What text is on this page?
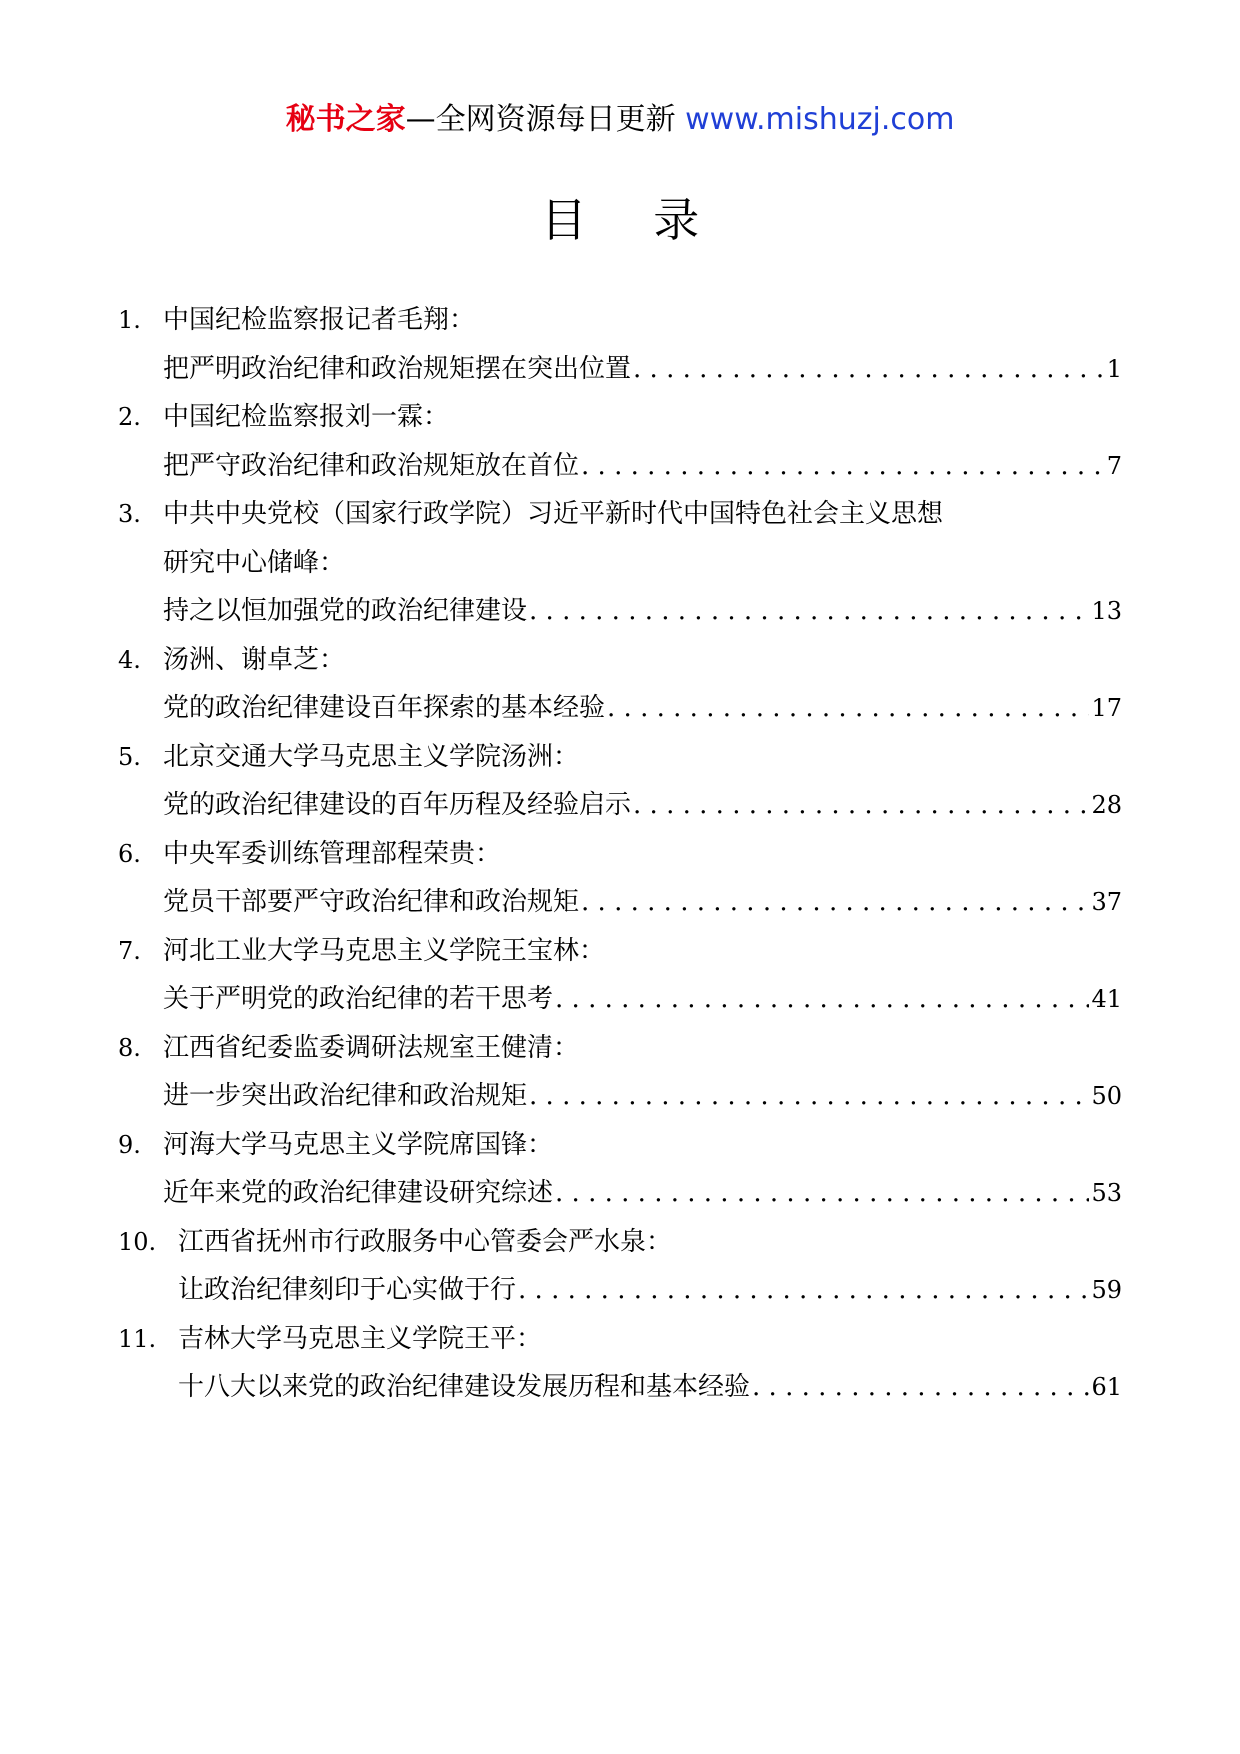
秘书之家—全网资源每日更新 www.mishuzj.com
目 录
1. 中国纪检监察报记者毛翔：
把严明政治纪律和政治规矩摆在突出位置 . . .	1
2. 中国纪检监察报刘一霖：
把严守政治纪律和政治规矩放在首位 . . .	7
3. 中共中央党校（国家行政学院）习近平新时代中国特色社会主义思想
研究中心储峰：
持之以恒加强党的政治纪律建设 . . .	13
4. 汤洲、谢卓芝：
党的政治纪律建设百年探索的基本经验 . . .	17
5. 北京交通大学马克思主义学院汤洲：
党的政治纪律建设的百年历程及经验启示 . . .	28
6. 中央军委训练管理部程荣贵：
党员干部要严守政治纪律和政治规矩 . . .	37
7. 河北工业大学马克思主义学院王宝林：
关于严明党的政治纪律的若干思考 . . .	41
8. 江西省纪委监委调研法规室王健清：
进一步突出政治纪律和政治规矩 . . .	50
9. 河海大学马克思主义学院席国锋：
近年来党的政治纪律建设研究综述 . . .	53
10. 江西省抚州市行政服务中心管委会严水泉：
让政治纪律刻印于心实做于行 . . .	59
11. 吉林大学马克思主义学院王平：
十八大以来党的政治纪律建设发展历程和基本经验 . . .	61
